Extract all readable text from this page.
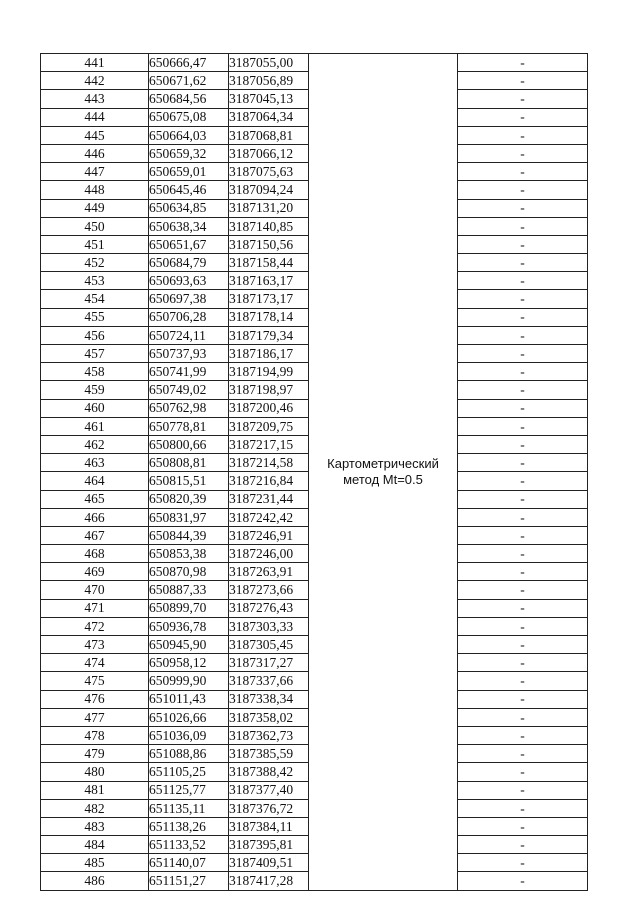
441	650666,47	3187055,00	Картометрический
метод Mt=0.5	-
442	650671,62	3187056,89		-
443	650684,56	3187045,13		-
444	650675,08	3187064,34		-
445	650664,03	3187068,81		-
446	650659,32	3187066,12		-
447	650659,01	3187075,63		-
448	650645,46	3187094,24		-
449	650634,85	3187131,20		-
450	650638,34	3187140,85		-
451	650651,67	3187150,56		-
452	650684,79	3187158,44		-
453	650693,63	3187163,17		-
454	650697,38	3187173,17		-
455	650706,28	3187178,14		-
456	650724,11	3187179,34		-
457	650737,93	3187186,17		-
458	650741,99	3187194,99		-
459	650749,02	3187198,97		-
460	650762,98	3187200,46		-
461	650778,81	3187209,75		-
462	650800,66	3187217,15		-
463	650808,81	3187214,58		-
464	650815,51	3187216,84		-
465	650820,39	3187231,44		-
466	650831,97	3187242,42		-
467	650844,39	3187246,91		-
468	650853,38	3187246,00		-
469	650870,98	3187263,91		-
470	650887,33	3187273,66		-
471	650899,70	3187276,43		-
472	650936,78	3187303,33		-
473	650945,90	3187305,45		-
474	650958,12	3187317,27		-
475	650999,90	3187337,66		-
476	651011,43	3187338,34		-
477	651026,66	3187358,02		-
478	651036,09	3187362,73		-
479	651088,86	3187385,59		-
480	651105,25	3187388,42		-
481	651125,77	3187377,40		-
482	651135,11	3187376,72		-
483	651138,26	3187384,11		-
484	651133,52	3187395,81		-
485	651140,07	3187409,51		-
486	651151,27	3187417,28		-
